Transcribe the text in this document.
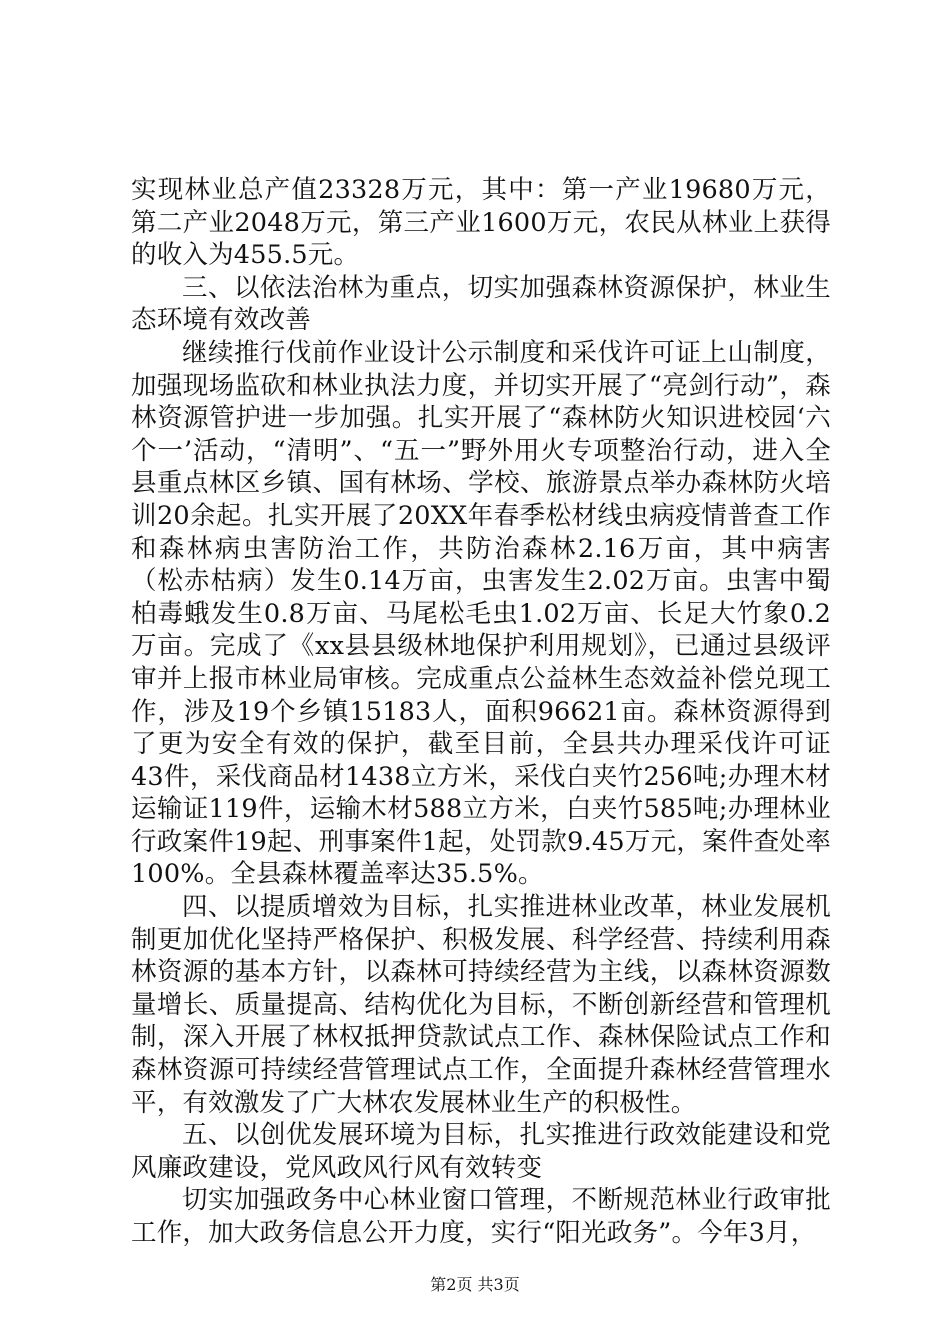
实现林业总产值23328万元，其中：第一产业19680万元，第二产业2048万元，第三产业1600万元，农民从林业上获得的收入为455.5元。

三、以依法治林为重点，切实加强森林资源保护，林业生态环境有效改善

继续推行伐前作业设计公示制度和采伐许可证上山制度，加强现场监砍和林业执法力度，并切实开展了“亮剑行动”，森林资源管护进一步加强。扎实开展了“森林防火知识进校园‘六个一’活动，“清明”、“五一”野外用火专项整治行动，进入全县重点林区乡镇、国有林场、学校、旅游景点举办森林防火培训20余起。扎实开展了20XX年春季松材线虫病疫情普查工作和森林病虫害防治工作，共防治森林2.16万亩，其中病害（松赤枯病）发生0.14万亩，虫害发生2.02万亩。虫害中蜀柏毒蛾发生0.8万亩、马尾松毛虫1.02万亩、长足大竹象0.2万亩。完成了《xx县县级林地保护利用规划》，已通过县级评审并上报市林业局审核。完成重点公益林生态效益补偿兑现工作，涉及19个乡镇15183人，面积96621亩。森林资源得到了更为安全有效的保护，截至目前，全县共办理采伐许可证43件，采伐商品材1438立方米，采伐白夹竹256吨;办理木材运输证119件，运输木材588立方米，白夹竹585吨;办理林业行政案件19起、刑事案件1起，处罚款9.45万元，案件查处率100%。全县森林覆盖率达35.5%。

四、以提质增效为目标，扎实推进林业改革，林业发展机制更加优化坚持严格保护、积极发展、科学经营、持续利用森林资源的基本方针，以森林可持续经营为主线，以森林资源数量增长、质量提高、结构优化为目标，不断创新经营和管理机制，深入开展了林权抵押贷款试点工作、森林保险试点工作和森林资源可持续经营管理试点工作，全面提升森林经营管理水平，有效激发了广大林农发展林业生产的积极性。

五、以创优发展环境为目标，扎实推进行政效能建设和党风廉政建设，党风政风行风有效转变

切实加强政务中心林业窗口管理，不断规范林业行政审批工作，加大政务信息公开力度，实行“阳光政务”。今年3月，

第2页 共3页
